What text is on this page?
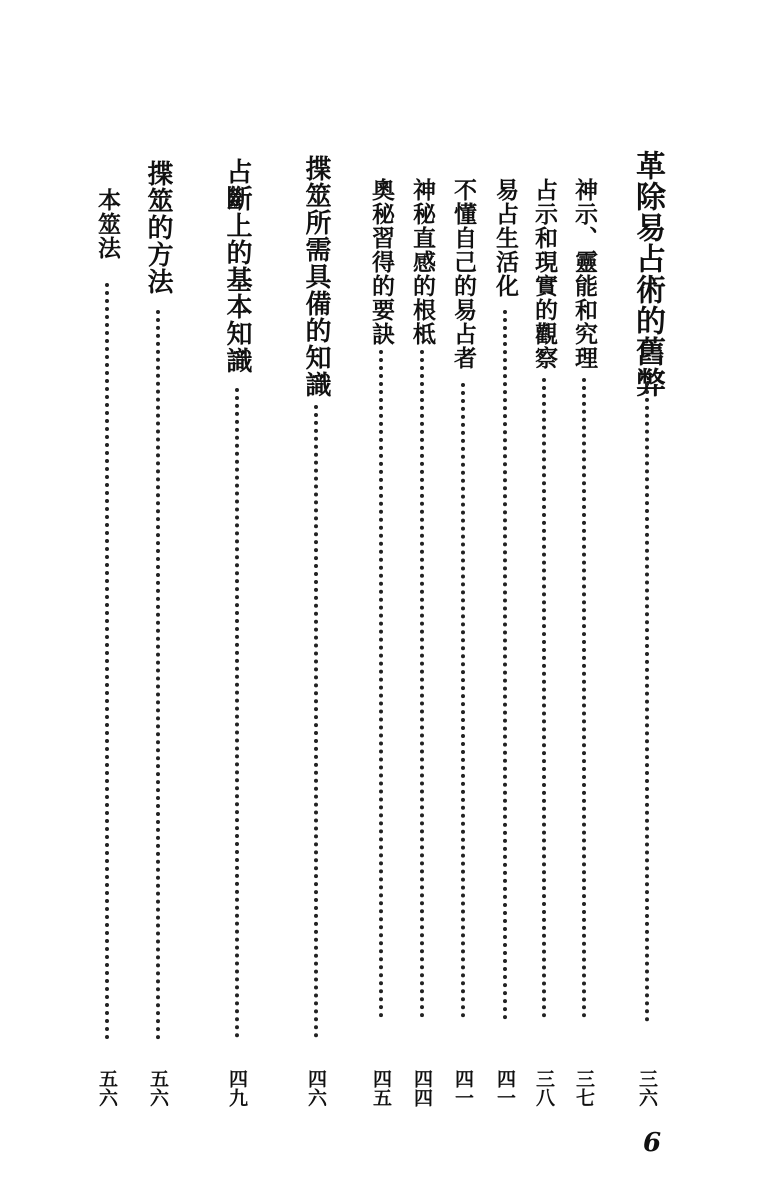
革除易占術的舊弊
三六
神示、靈能和究理
三七
占示和現實的觀察
三八
易占生活化
四一
不懂自己的易占者
四一
神秘直感的根柢
四四
奧秘習得的要訣
四五
揲筮所需具備的知識
四六
占斷上的基本知識
四九
揲筮的方法
五六
本筮法
五六
6
